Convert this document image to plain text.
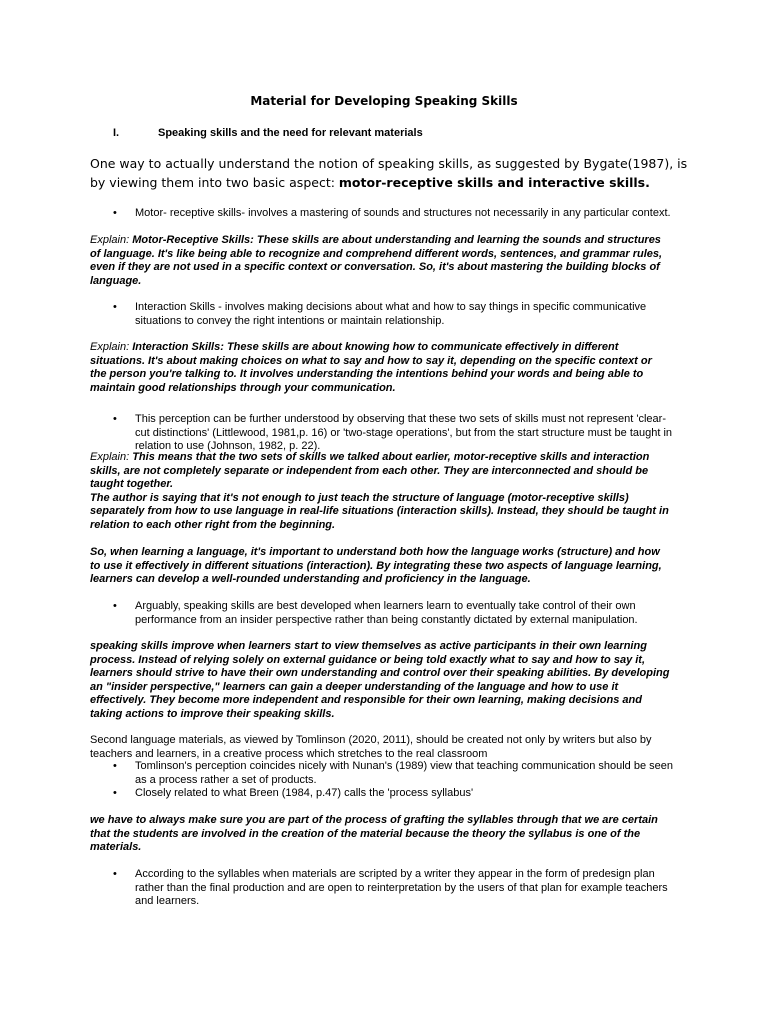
Material for Developing Speaking Skills
I.	Speaking skills and the need for relevant materials
One way to actually understand the notion of speaking skills, as suggested by Bygate(1987), is by viewing them into two basic aspect: motor-receptive skills and interactive skills.
• Motor- receptive skills- involves a mastering of sounds and structures not necessarily in any particular context.
Explain: Motor-Receptive Skills: These skills are about understanding and learning the sounds and structures of language. It's like being able to recognize and comprehend different words, sentences, and grammar rules, even if they are not used in a specific context or conversation. So, it's about mastering the building blocks of language.
• Interaction Skills - involves making decisions about what and how to say things in specific communicative situations to convey the right intentions or maintain relationship.
Explain: Interaction Skills: These skills are about knowing how to communicate effectively in different situations. It's about making choices on what to say and how to say it, depending on the specific context or the person you're talking to. It involves understanding the intentions behind your words and being able to maintain good relationships through your communication.
• This perception can be further understood by observing that these two sets of skills must not represent 'clear-cut distinctions' (Littlewood, 1981,p. 16) or 'two-stage operations', but from the start structure must be taught in relation to use (Johnson, 1982, p. 22).
Explain: This means that the two sets of skills we talked about earlier, motor-receptive skills and interaction skills, are not completely separate or independent from each other. They are interconnected and should be taught together.
The author is saying that it's not enough to just teach the structure of language (motor-receptive skills) separately from how to use language in real-life situations (interaction skills). Instead, they should be taught in relation to each other right from the beginning.
So, when learning a language, it's important to understand both how the language works (structure) and how to use it effectively in different situations (interaction). By integrating these two aspects of language learning, learners can develop a well-rounded understanding and proficiency in the language.
• Arguably, speaking skills are best developed when learners learn to eventually take control of their own performance from an insider perspective rather than being constantly dictated by external manipulation.
speaking skills improve when learners start to view themselves as active participants in their own learning process. Instead of relying solely on external guidance or being told exactly what to say and how to say it, learners should strive to have their own understanding and control over their speaking abilities. By developing an "insider perspective," learners can gain a deeper understanding of the language and how to use it effectively. They become more independent and responsible for their own learning, making decisions and taking actions to improve their speaking skills.
Second language materials, as viewed by Tomlinson (2020, 2011), should be created not only by writers but also by teachers and learners, in a creative process which stretches to the real classroom
• Tomlinson's perception coincides nicely with Nunan's (1989) view that teaching communication should be seen as a process rather a set of products.
• Closely related to what Breen (1984, p.47) calls the 'process syllabus'
we have to always make sure you are part of the process of grafting the syllables through that we are certain that the students are involved in the creation of the material because the theory the syllabus is one of the materials.
• According to the syllables when materials are scripted by a writer they appear in the form of predesign plan rather than the final production and are open to reinterpretation by the users of that plan for example teachers and learners.
